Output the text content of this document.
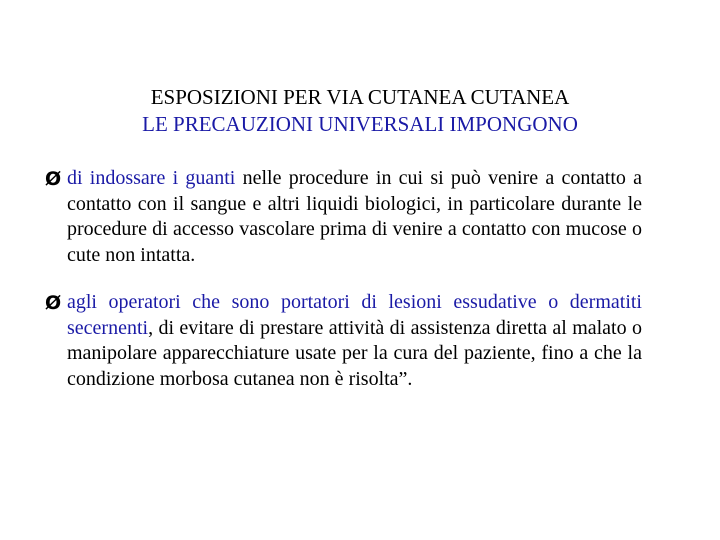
ESPOSIZIONI PER VIA CUTANEA CUTANEA
LE PRECAUZIONI UNIVERSALI IMPONGONO
Ø di indossare i guanti nelle procedure in cui si può venire a contatto a contatto con il sangue e altri liquidi biologici, in particolare durante le procedure di accesso vascolare prima di venire a contatto con mucose o cute non intatta.
Ø agli operatori che sono portatori di lesioni essudative o dermatiti secernenti, di evitare di prestare attività di assistenza diretta al malato o manipolare apparecchiature usate per la cura del paziente, fino a che la condizione morbosa cutanea non è risolta”.
